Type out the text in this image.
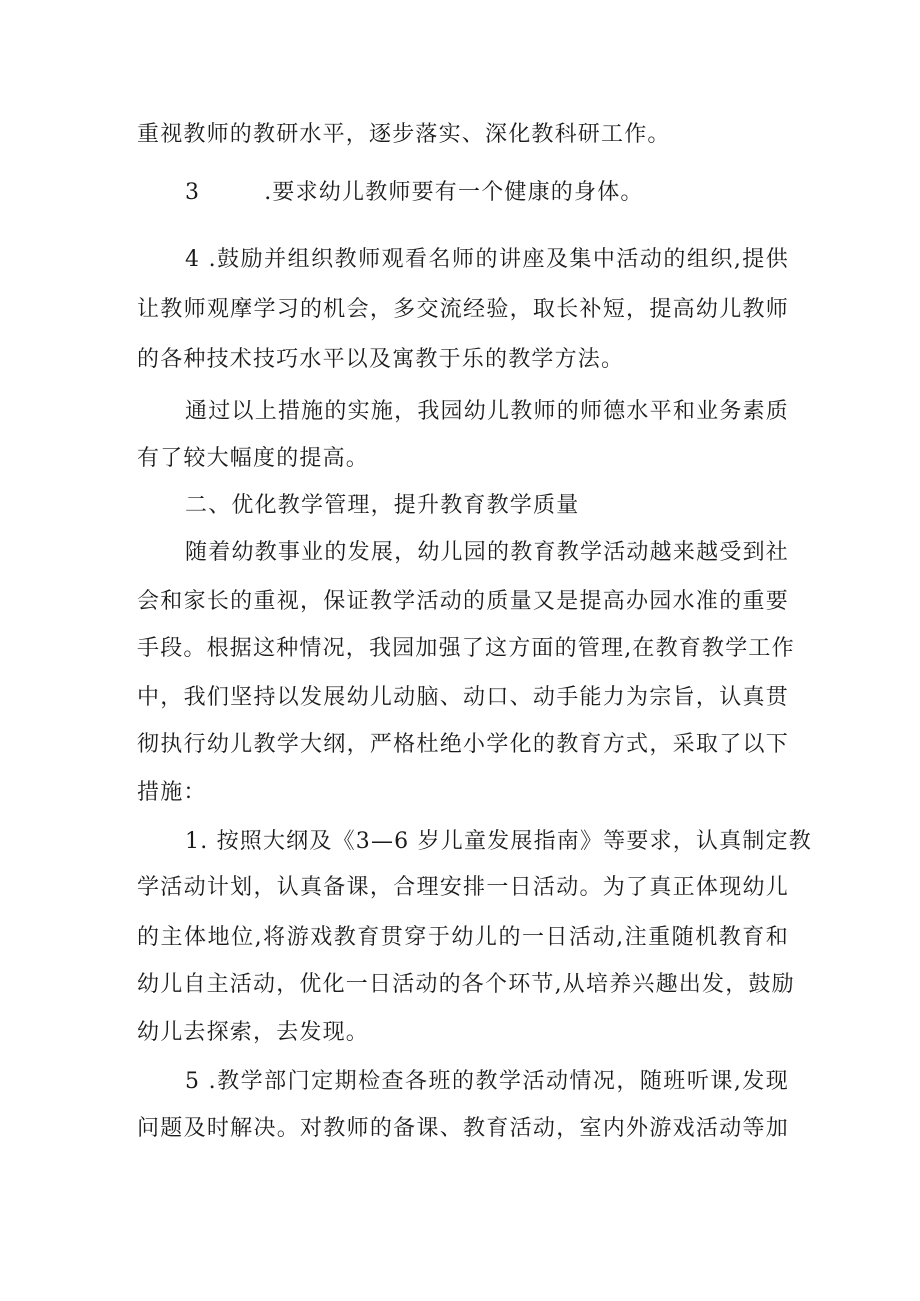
重视教师的教研水平，逐步落实、深化教科研工作。
3	.要求幼儿教师要有一个健康的身体。
4 .鼓励并组织教师观看名师的讲座及集中活动的组织,提供
让教师观摩学习的机会，多交流经验，取长补短，提高幼儿教师
的各种技术技巧水平以及寓教于乐的教学方法。
通过以上措施的实施，我园幼儿教师的师德水平和业务素质
有了较大幅度的提高。
二、优化教学管理，提升教育教学质量
随着幼教事业的发展，幼儿园的教育教学活动越来越受到社
会和家长的重视，保证教学活动的质量又是提高办园水准的重要
手段。根据这种情况，我园加强了这方面的管理,在教育教学工作
中，我们坚持以发展幼儿动脑、动口、动手能力为宗旨，认真贯
彻执行幼儿教学大纲，严格杜绝小学化的教育方式，采取了以下
措施：
1. 按照大纲及《3—6 岁儿童发展指南》等要求，认真制定教
学活动计划，认真备课，合理安排一日活动。为了真正体现幼儿
的主体地位,将游戏教育贯穿于幼儿的一日活动,注重随机教育和
幼儿自主活动，优化一日活动的各个环节,从培养兴趣出发，鼓励
幼儿去探索，去发现。
5 .教学部门定期检查各班的教学活动情况，随班听课,发现
问题及时解决。对教师的备课、教育活动，室内外游戏活动等加
